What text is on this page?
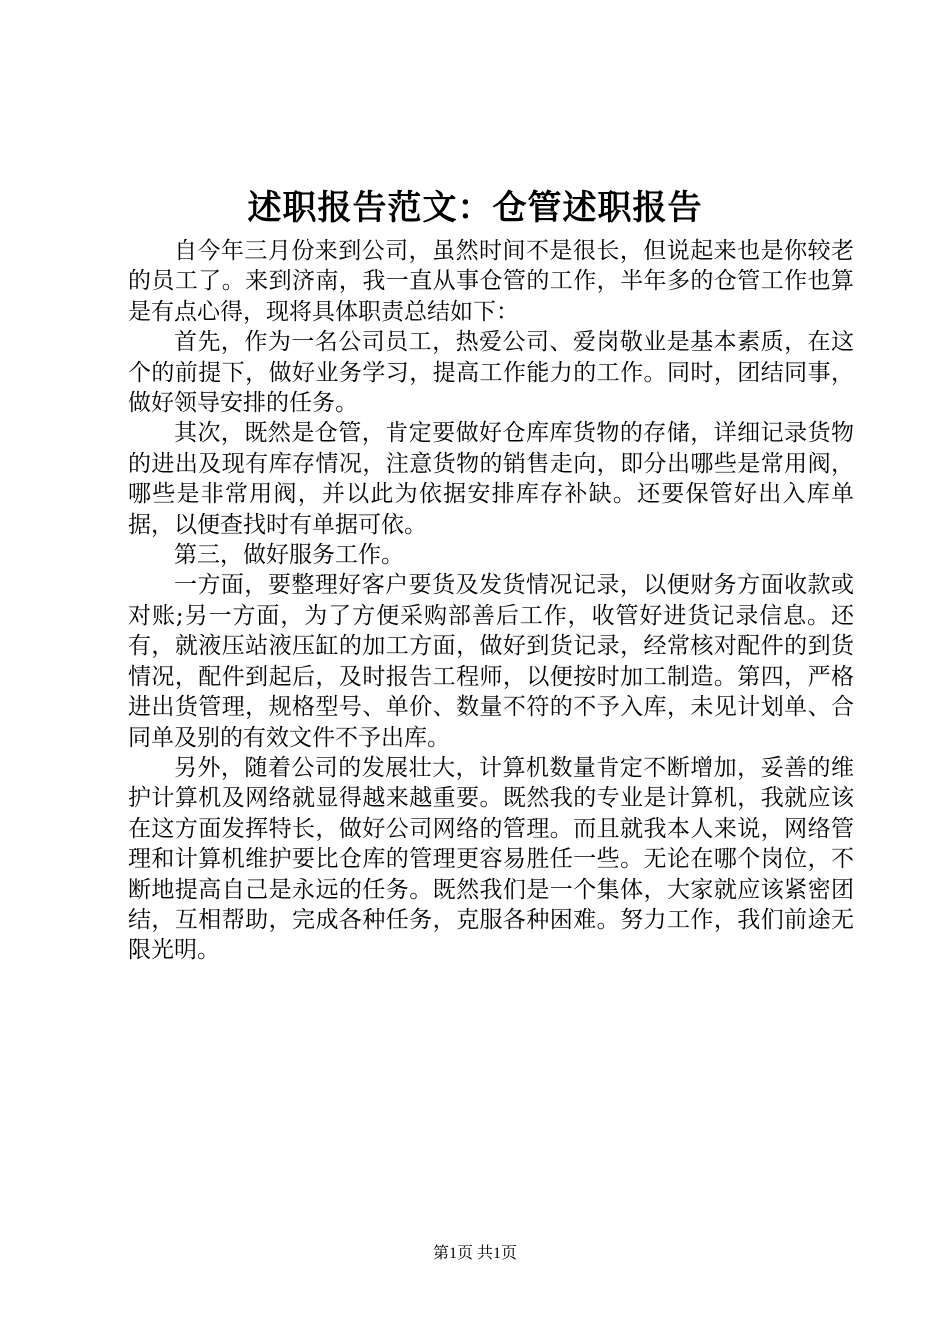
述职报告范文：仓管述职报告

自今年三月份来到公司，虽然时间不是很长，但说起来也是你较老的员工了。来到济南，我一直从事仓管的工作，半年多的仓管工作也算是有点心得，现将具体职责总结如下：

首先，作为一名公司员工，热爱公司、爱岗敬业是基本素质，在这个的前提下，做好业务学习，提高工作能力的工作。同时，团结同事，做好领导安排的任务。

其次，既然是仓管，肯定要做好仓库库货物的存储，详细记录货物的进出及现有库存情况，注意货物的销售走向，即分出哪些是常用阀，哪些是非常用阀，并以此为依据安排库存补缺。还要保管好出入库单据，以便查找时有单据可依。

第三，做好服务工作。

一方面，要整理好客户要货及发货情况记录，以便财务方面收款或对账;另一方面，为了方便采购部善后工作，收管好进货记录信息。还有，就液压站液压缸的加工方面，做好到货记录，经常核对配件的到货情况，配件到起后，及时报告工程师，以便按时加工制造。第四，严格进出货管理，规格型号、单价、数量不符的不予入库，未见计划单、合同单及别的有效文件不予出库。

另外，随着公司的发展壮大，计算机数量肯定不断增加，妥善的维护计算机及网络就显得越来越重要。既然我的专业是计算机，我就应该在这方面发挥特长，做好公司网络的管理。而且就我本人来说，网络管理和计算机维护要比仓库的管理更容易胜任一些。无论在哪个岗位，不断地提高自己是永远的任务。既然我们是一个集体，大家就应该紧密团结，互相帮助，完成各种任务，克服各种困难。努力工作，我们前途无限光明。

第1页 共1页
